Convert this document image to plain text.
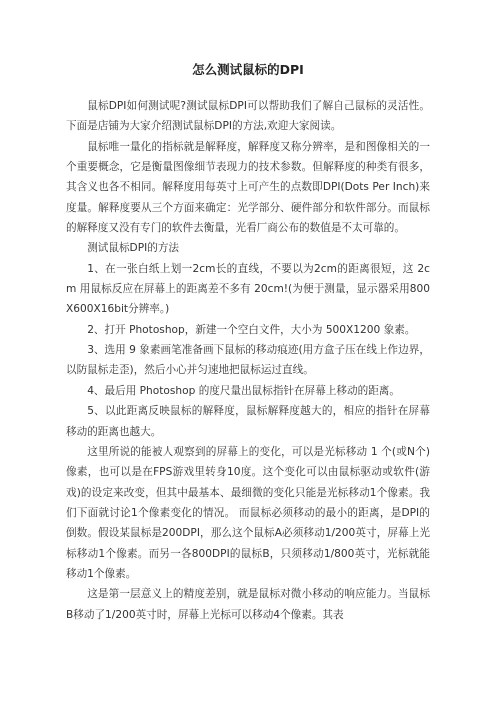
怎么测试鼠标的DPI

鼠标DPI如何测试呢?测试鼠标DPI可以帮助我们了解自己鼠标的灵活性。下面是店铺为大家介绍测试鼠标DPI的方法,欢迎大家阅读。

鼠标唯一量化的指标就是解释度，解释度又称分辨率，是和图像相关的一个重要概念，它是衡量图像细节表现力的技术参数。但解释度的种类有很多，其含义也各不相同。解释度用每英寸上可产生的点数即DPI(Dots Per Inch)来度量。解释度要从三个方面来确定：光学部分、硬件部分和软件部分。而鼠标的解释度又没有专门的软件去衡量，光看厂商公布的数值是不太可靠的。

测试鼠标DPI的方法

1、在一张白纸上划一2cm长的直线，不要以为2cm的距离很短，这 2cm 用鼠标反应在屏幕上的距离差不多有 20cm!(为便于测量，显示器采用800X600X16bit分辨率。)

2、打开 Photoshop，新建一个空白文件，大小为 500X1200 象素。

3、选用 9 象素画笔准备画下鼠标的移动痕迹(用方盒子压在线上作边界，以防鼠标走歪)，然后小心并匀速地把鼠标运过直线。

4、最后用 Photoshop 的度尺量出鼠标指针在屏幕上移动的距离。

5、以此距离反映鼠标的解释度，鼠标解释度越大的，相应的指针在屏幕移动的距离也越大。

这里所说的能被人观察到的屏幕上的变化，可以是光标移动 1 个(或N个)像素，也可以是在FPS游戏里转身10度。这个变化可以由鼠标驱动或软件(游戏)的设定来改变，但其中最基本、最细微的变化只能是光标移动1个像素。我们下面就讨论1个像素变化的情况。 而鼠标必须移动的最小的距离，是DPI的倒数。假设某鼠标是200DPI，那么这个鼠标A必须移动1/200英寸，屏幕上光标移动1个像素。而另一各800DPI的鼠标B，只须移动1/800英寸，光标就能移动1个像素。

这是第一层意义上的精度差别，就是鼠标对微小移动的响应能力。当鼠标B移动了1/200英寸时，屏幕上光标可以移动4个像素。其表
